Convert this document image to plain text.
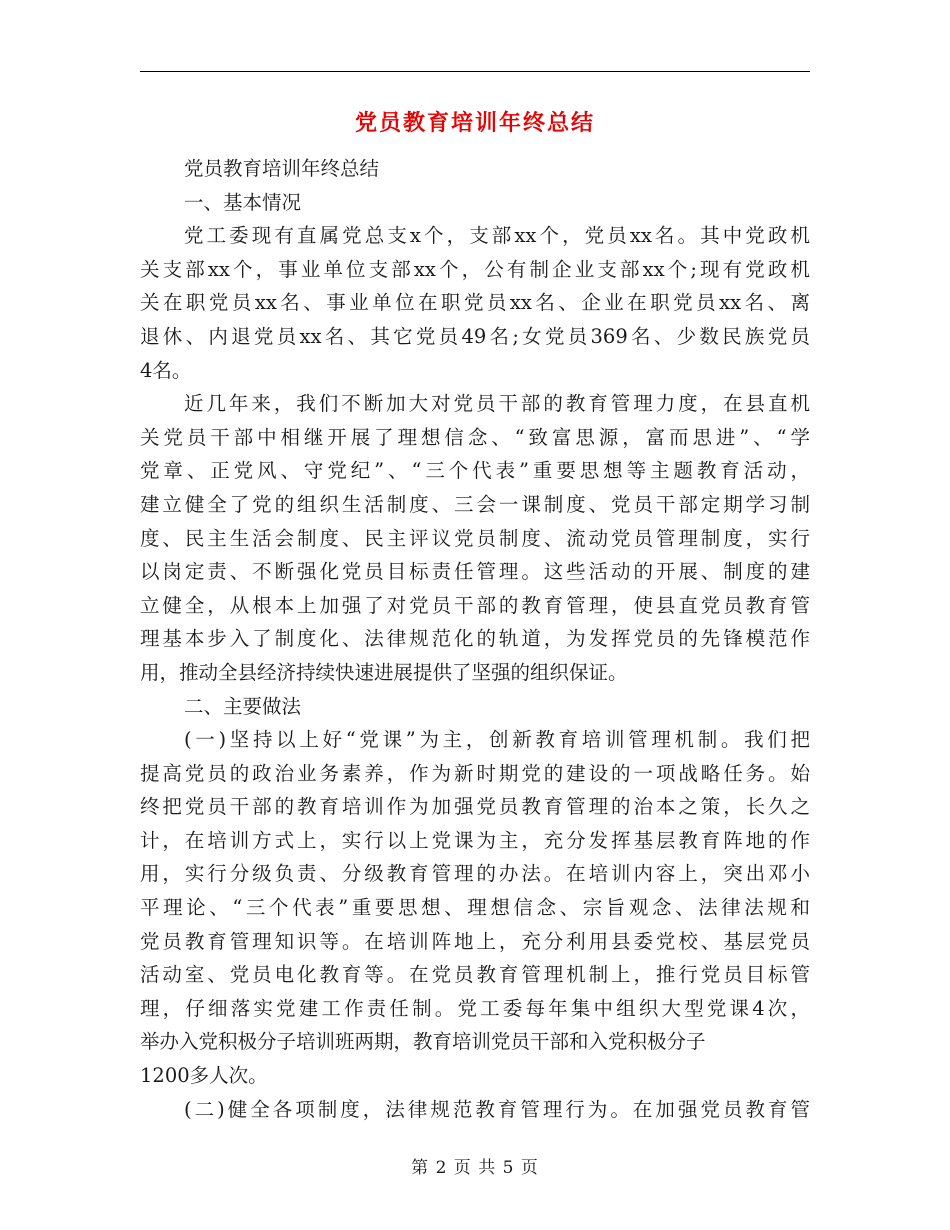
党员教育培训年终总结
党员教育培训年终总结
一、基本情况
党工委现有直属党总支x个，支部xx个，党员xx名。其中党政机
关支部xx个，事业单位支部xx个，公有制企业支部xx个;现有党政机
关在职党员xx名、事业单位在职党员xx名、企业在职党员xx名、离
退休、内退党员xx名、其它党员49名;女党员369名、少数民族党员
4名。
近几年来，我们不断加大对党员干部的教育管理力度，在县直机
关党员干部中相继开展了理想信念、“致富思源，富而思进”、“学
党章、正党风、守党纪”、“三个代表”重要思想等主题教育活动，
建立健全了党的组织生活制度、三会一课制度、党员干部定期学习制
度、民主生活会制度、民主评议党员制度、流动党员管理制度，实行
以岗定责、不断强化党员目标责任管理。这些活动的开展、制度的建
立健全，从根本上加强了对党员干部的教育管理，使县直党员教育管
理基本步入了制度化、法律规范化的轨道，为发挥党员的先锋模范作
用，推动全县经济持续快速进展提供了坚强的组织保证。
二、主要做法
(一)坚持以上好“党课”为主，创新教育培训管理机制。我们把
提高党员的政治业务素养，作为新时期党的建设的一项战略任务。始
终把党员干部的教育培训作为加强党员教育管理的治本之策，长久之
计，在培训方式上，实行以上党课为主，充分发挥基层教育阵地的作
用，实行分级负责、分级教育管理的办法。在培训内容上，突出邓小
平理论、“三个代表”重要思想、理想信念、宗旨观念、法律法规和
党员教育管理知识等。在培训阵地上，充分利用县委党校、基层党员
活动室、党员电化教育等。在党员教育管理机制上，推行党员目标管
理，仔细落实党建工作责任制。党工委每年集中组织大型党课4次，
举办入党积极分子培训班两期，教育培训党员干部和入党积极分子
1200多人次。
(二)健全各项制度，法律规范教育管理行为。在加强党员教育管
第 2 页 共 5 页
